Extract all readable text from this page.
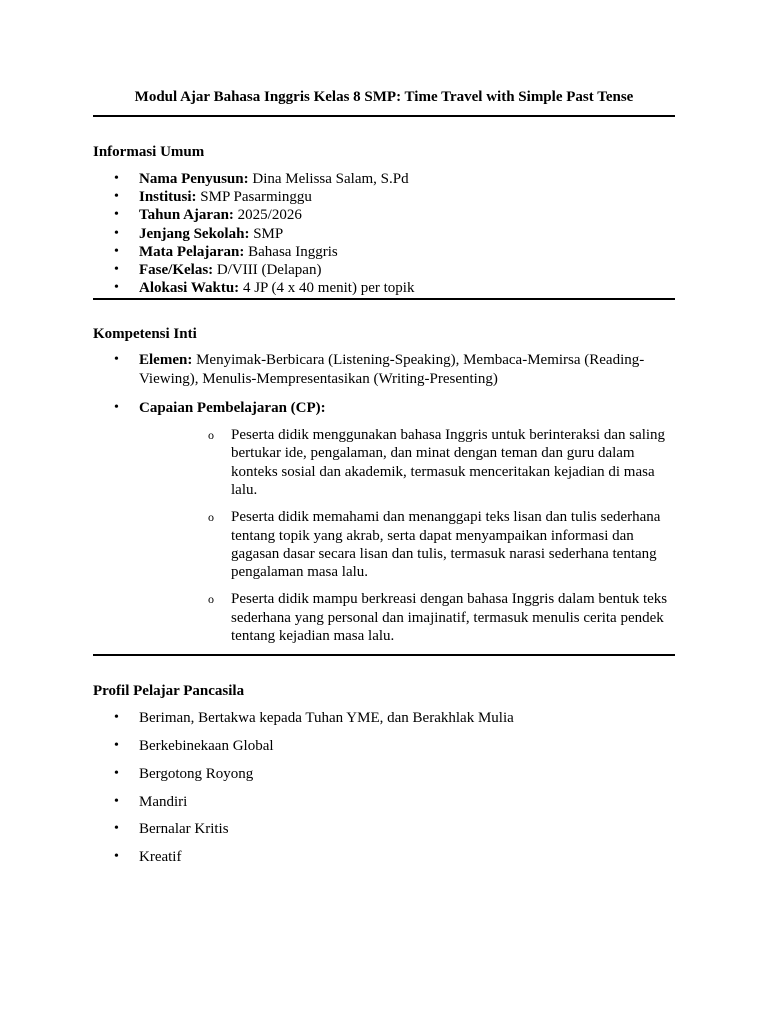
Modul Ajar Bahasa Inggris Kelas 8 SMP: Time Travel with Simple Past Tense
Informasi Umum
• Nama Penyusun: Dina Melissa Salam, S.Pd
• Institusi: SMP Pasarminggu
• Tahun Ajaran: 2025/2026
• Jenjang Sekolah: SMP
• Mata Pelajaran: Bahasa Inggris
• Fase/Kelas: D/VIII (Delapan)
• Alokasi Waktu: 4 JP (4 x 40 menit) per topik
Kompetensi Inti
• Elemen: Menyimak-Berbicara (Listening-Speaking), Membaca-Memirsa (Reading-Viewing), Menulis-Mempresentasikan (Writing-Presenting)
• Capaian Pembelajaran (CP):
o Peserta didik menggunakan bahasa Inggris untuk berinteraksi dan saling bertukar ide, pengalaman, dan minat dengan teman dan guru dalam konteks sosial dan akademik, termasuk menceritakan kejadian di masa lalu.
o Peserta didik memahami dan menanggapi teks lisan dan tulis sederhana tentang topik yang akrab, serta dapat menyampaikan informasi dan gagasan dasar secara lisan dan tulis, termasuk narasi sederhana tentang pengalaman masa lalu.
o Peserta didik mampu berkreasi dengan bahasa Inggris dalam bentuk teks sederhana yang personal dan imajinatif, termasuk menulis cerita pendek tentang kejadian masa lalu.
Profil Pelajar Pancasila
• Beriman, Bertakwa kepada Tuhan YME, dan Berakhlak Mulia
• Berkebinekaan Global
• Bergotong Royong
• Mandiri
• Bernalar Kritis
• Kreatif
